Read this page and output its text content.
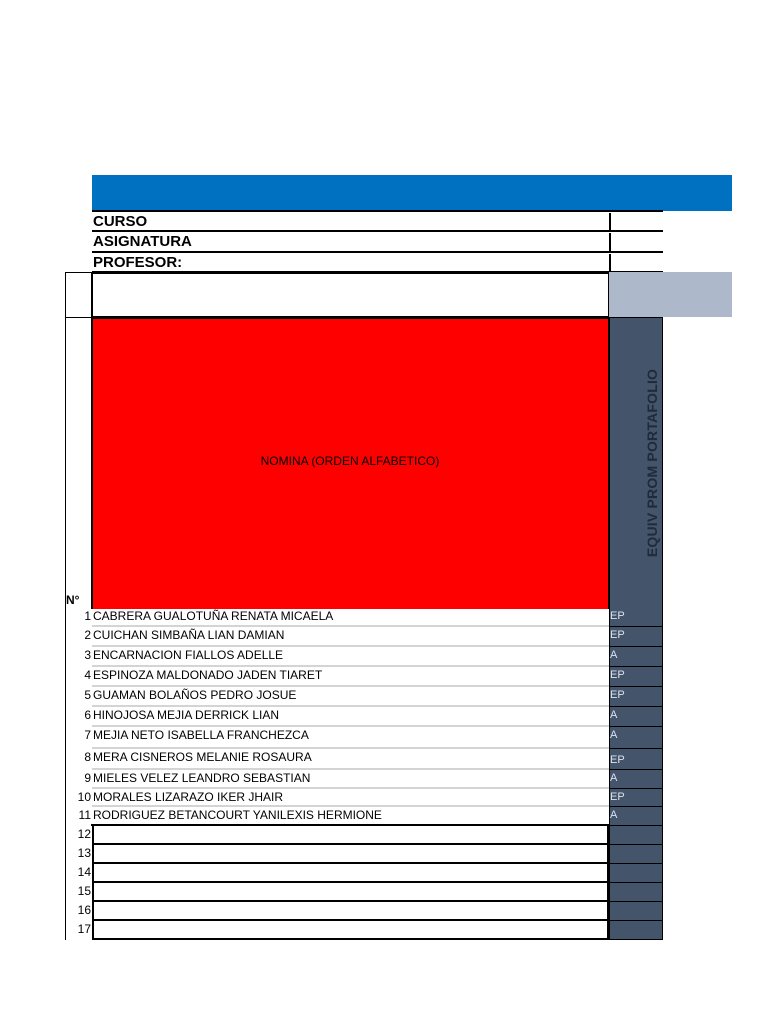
CURSO
ASIGNATURA
PROFESOR:
NOMINA (ORDEN ALFABETICO)	EQUIV PROM PORTAFOLIO
N°
1 CABRERA GUALOTUÑA RENATA MICAELA	EP
2 CUICHAN SIMBAÑA LIAN DAMIAN	EP
3 ENCARNACION FIALLOS ADELLE	A
4 ESPINOZA MALDONADO JADEN TIARET	EP
5 GUAMAN BOLAÑOS PEDRO JOSUE	EP
6 HINOJOSA MEJIA DERRICK LIAN	A
7 MEJIA NETO ISABELLA FRANCHEZCA	A
8 MERA CISNEROS MELANIE ROSAURA	EP
9 MIELES VELEZ LEANDRO SEBASTIAN	A
10 MORALES LIZARAZO IKER JHAIR	EP
11 RODRIGUEZ BETANCOURT YANILEXIS HERMIONE	A
12
13
14
15
16
17
